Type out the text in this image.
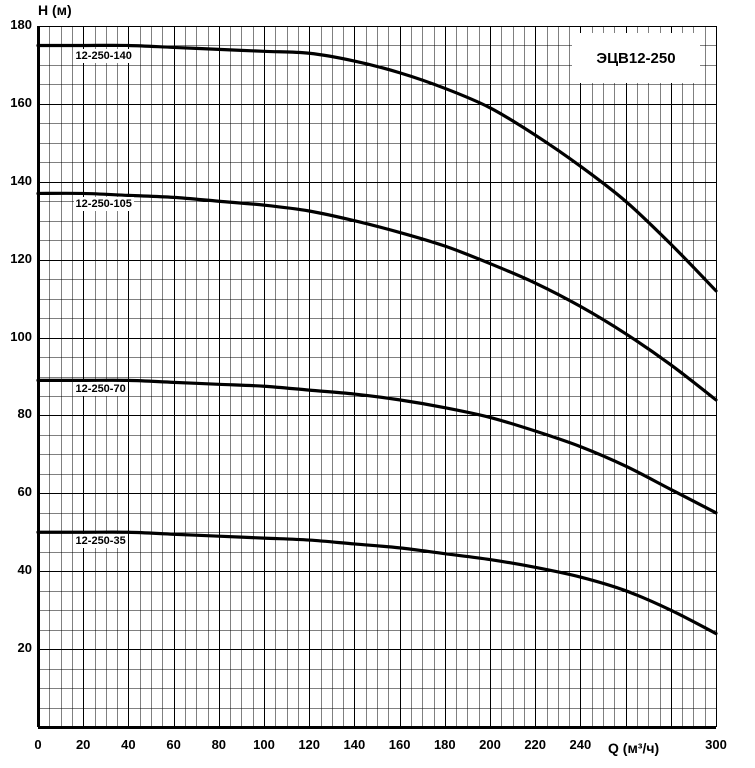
H (м)
Q (м³/ч)
20
40
60
80
100
120
140
160
180
0	20	40	60	80	100	120	140	160	180	200	220	240	300
12-250-140
12-250-105
12-250-70
12-250-35
ЭЦВ12-250
